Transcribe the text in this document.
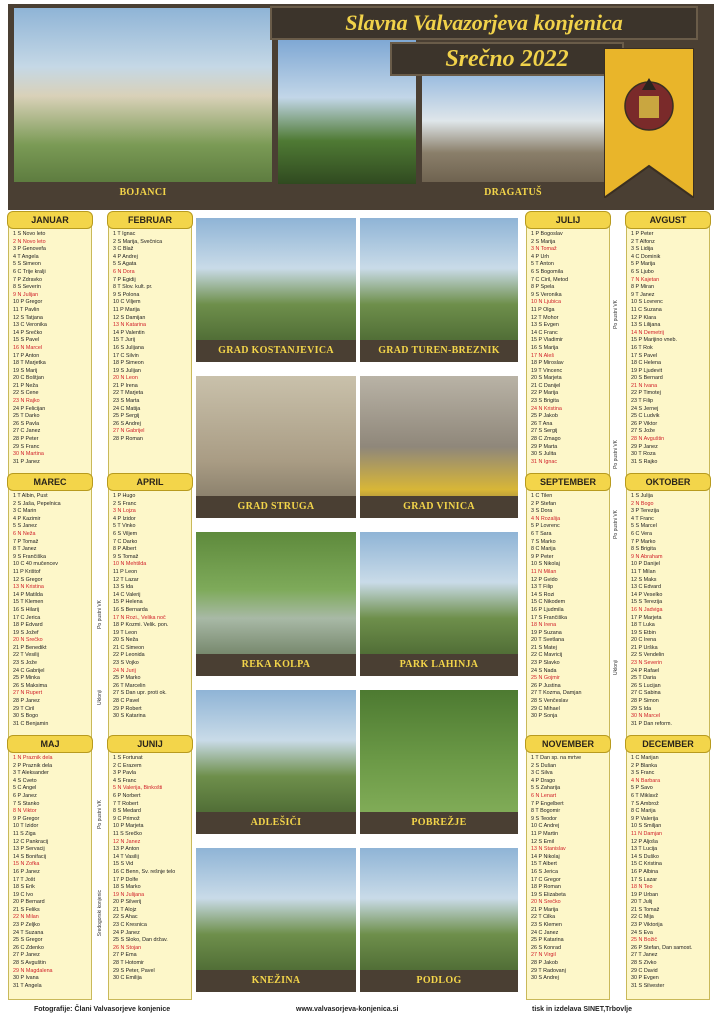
BOJANCI	DRAGATUŠ
Slavna Valvazorjeva konjenica
Srečno 2022
GRAD KOSTANJEVICA	GRAD TUREN-BREZNIK
GRAD STRUGA	GRAD VINICA
REKA KOLPA	PARK LAHINJA
ADLEŠIČI	POBREŽJE
KNEŽINA	PODLOG
JANUAR
1 S Novo leto
2 N Novo leto
3 P Genovefa
4 T Angela
5 S Simeon
6 Č Trije kralji
7 P Zdravko
8 S Severin
9 N Julijan
10 P Gregor
11 T Pavlin
12 S Tatjana
13 Č Veronika
14 P Srečko
15 S Pavel
16 N Marcel
17 P Anton
18 T Marjetka
19 S Marij
20 Č Boštjan
21 P Neža
22 S Cene
23 N Rajko
24 P Felicijan
25 T Darko
26 S Pavla
27 Č Janez
28 P Peter
29 S Franc
30 N Martina
31 P Janez
FEBRUAR
1 T Ignac
2 S Marija, Svečnica
3 Č Blaž
4 P Andrej
5 S Agata
6 N Dora
7 P Egidij
8 T Slov. kult. pr.
9 S Polona
10 Č Viljem
11 P Marija
12 S Damijan
13 N Katarina
14 P Valentin
15 T Jurij
16 S Julijana
17 Č Silvin
18 P Simeon
19 S Julijan
20 N Leon
21 P Irena
22 T Marjeta
23 S Marta
24 Č Matija
25 P Sergij
26 S Andrej
27 N Gabrijel
28 P Roman
JULIJ
1 P Bogoslav
2 S Marija
3 N Tomaž
4 P Urh
5 T Anton
6 S Bogomila
7 Č Ciril, Metod
8 P Špela
9 S Veronika
10 N Ljubica
11 P Olga
12 T Mohor
13 S Evgen
14 Č Franc
15 P Vladimir
16 S Marija
17 N Aleš
18 P Miroslav
19 T Vincenc
20 S Marjeta
21 Č Danijel
22 P Marija
23 S Brigita
24 N Kristina
25 P Jakob
26 T Ana
27 S Sergij
28 Č Zmago
29 P Marta
30 S Julita
31 N Ignac
AVGUST
1 P Peter
2 T Alfonz
3 S Lidija
4 Č Dominik
5 P Marija
6 S Ljubo
7 N Kajetan
8 P Miran
9 T Janez
10 S Lovrenc
11 Č Suzana
12 P Klara
13 S Lilijana
14 N Demetrij
15 P Marijino vneb.
16 T Rok
17 S Pavel
18 Č Helena
19 P Ljudevit
20 S Bernard
21 N Ivana
22 P Timotej
23 T Filip
24 S Jernej
25 Č Ludvik
26 P Viktor
27 S Jože
28 N Avguštin
29 P Janez
30 T Roza
31 S Rajko
MAREC
1 T Albin, Pust
2 S Jaša, Pepelnica
3 Č Marin
4 P Kazimir
5 S Janez
6 N Neža
7 P Tomaž
8 T Janez
9 S Frančiška
10 Č 40 mučencev
11 P Krištof
12 S Gregor
13 N Kristina
14 P Matilda
15 T Klemen
16 S Hilarij
17 Č Jerica
18 P Edvard
19 S Jožef
20 N Srečko
21 P Benedikt
22 T Vesilij
23 S Jože
24 Č Gabrijel
25 P Minka
26 S Maksima
27 N Rupert
28 P Janez
29 T Ciril
30 S Bogo
31 Č Benjamin
APRIL
1 P Hugo
2 S Franc
3 N Lojza
4 P Izidor
5 T Vinko
6 S Viljem
7 Č Darko
8 P Albert
9 S Tomaž
10 N Mehtilda
11 P Leon
12 T Lazar
13 S Ida
14 Č Valerij
15 P Helena
16 S Bernarda
17 N Rozi., Velika noč
18 P Kozmi. Velik. pon.
19 T Leon
20 S Neža
21 Č Simeon
22 P Leonida
23 S Vojko
24 N Jurij
25 P Marko
26 T Marcelin
27 S Dan upr. proti ok.
28 Č Pavel
29 P Robert
30 S Katarina
SEPTEMBER
1 Č Tilen
2 P Štefan
3 S Dora
4 N Rozalija
5 P Lovrenc
6 T Sara
7 S Marko
8 Č Marija
9 P Peter
10 S Nikolaj
11 N Milan
12 P Gvido
13 T Filip
14 S Rozi
15 Č Nikodem
16 P Ljudmila
17 S Frančiška
18 N Irena
19 P Suzana
20 T Svetlana
21 S Matej
22 Č Mavricij
23 P Slavko
24 S Nada
25 N Gojmir
26 P Justina
27 T Kozma, Damjan
28 S Venčeslav
29 Č Mihael
30 P Sonja
OKTOBER
1 S Julija
2 N Bogo
3 P Terezija
4 T Franc
5 S Marcel
6 Č Vera
7 P Marko
8 S Brigita
9 N Abraham
10 P Danijel
11 T Milan
12 S Maks
13 Č Edvard
14 P Veselko
15 S Terezija
16 N Jadviga
17 P Marjeta
18 T Luka
19 S Etbin
20 Č Irena
21 P Urška
22 S Vendelin
23 N Severin
24 P Rafael
25 T Daria
26 S Lucijan
27 Č Sabina
28 P Simon
29 S Ida
30 N Marcel
31 P Dan reform.
MAJ
1 N Praznik dela
2 P Praznik dela
3 T Aleksander
4 S Cveto
5 Č Angel
6 P Janez
7 S Stanko
8 N Viktor
9 P Gregor
10 T Izidor
11 S Žiga
12 Č Pankracij
13 P Servacij
14 S Bonifacij
15 N Zofka
16 P Janez
17 T Jošt
18 S Erik
19 Č Ivo
20 P Bernard
21 S Feliks
22 N Milan
23 P Željko
24 T Suzana
25 S Gregor
26 Č Zdenko
27 P Janez
28 S Avguštin
29 N Magdalena
30 P Ivana
31 T Angela
JUNIJ
1 S Fortunat
2 Č Erazem
3 P Pavla
4 S Franc
5 N Valerija, Binkošti
6 P Norbert
7 T Robert
8 S Medard
9 Č Primož
10 P Marjeta
11 S Srečko
12 N Janez
13 P Anton
14 T Vasilij
15 S Vid
16 Č Benn, Sv. rešnje telo
17 P Dolfe
18 S Marko
19 N Julijana
20 P Silverij
21 T Alojz
22 S Ahac
23 Č Kresnica
24 P Janez
25 S Sloko, Dan držav.
26 N Stojan
27 P Ema
28 T Hotomir
29 S Peter, Pavel
30 Č Emilija
NOVEMBER
1 T Dan sp. na mrtve
2 S Dušan
3 Č Silva
4 P Drago
5 S Zaharija
6 N Lenart
7 P Engelbert
8 T Bogomir
9 S Teodor
10 Č Andrej
11 P Martin
12 S Emil
13 N Stanislav
14 P Nikolaj
15 T Albert
16 S Jerica
17 Č Gregor
18 P Roman
19 S Elizabeta
20 N Srečko
21 P Marija
22 T Cilka
23 S Klemen
24 Č Janez
25 P Katarina
26 S Konrad
27 N Virgil
28 P Jakob
29 T Radovanj
30 S Andrej
DECEMBER
1 Č Marijan
2 P Blanka
3 S Franc
4 N Barbara
5 P Savo
6 T Miklavž
7 S Ambrož
8 Č Marija
9 P Valerija
10 S Smiljan
11 N Damjan
12 P Aljoša
13 T Lucija
14 S Duško
15 Č Kristina
16 P Albina
17 S Lazar
18 N Teo
19 P Urban
20 T Julij
21 S Tomaž
22 Č Mija
23 P Viktorija
24 S Eva
25 N Božič
26 P Štefan, Dan samost.
27 T Janez
28 S Živko
29 Č David
30 P Evgen
31 S Silvester
Po pustni VK
Po pustni VK
Uklonji
Po pustni VK
Po pustni VK
Po pustni VK
Sredogorski konjenic
Uklonji
Fotografije: Člani Valvasorjeve konjenice	www.valvasorjeva-konjenica.si	tisk in izdelava SINET,Trbovlje
